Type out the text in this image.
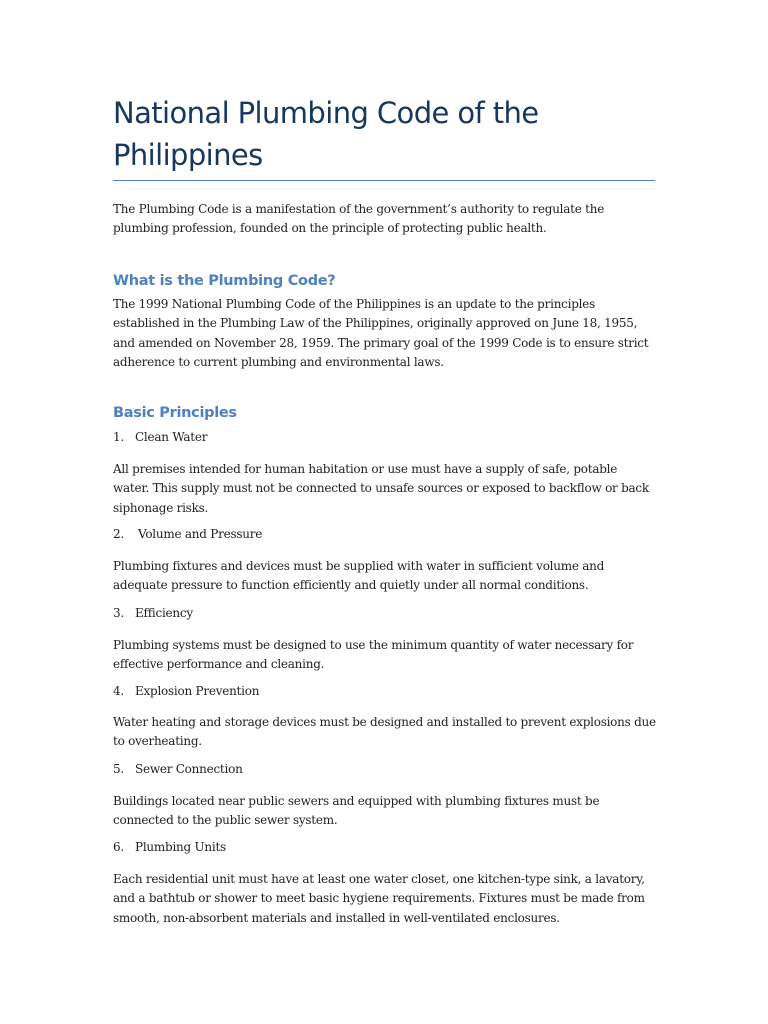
National Plumbing Code of the Philippines

The Plumbing Code is a manifestation of the government’s authority to regulate the plumbing profession, founded on the principle of protecting public health.

What is the Plumbing Code?

The 1999 National Plumbing Code of the Philippines is an update to the principles established in the Plumbing Law of the Philippines, originally approved on June 18, 1955, and amended on November 28, 1959. The primary goal of the 1999 Code is to ensure strict adherence to current plumbing and environmental laws.

Basic Principles
1. Clean Water

All premises intended for human habitation or use must have a supply of safe, potable water. This supply must not be connected to unsafe sources or exposed to backflow or back siphonage risks.

2. Volume and Pressure

Plumbing fixtures and devices must be supplied with water in sufficient volume and adequate pressure to function efficiently and quietly under all normal conditions.

3. Efficiency

Plumbing systems must be designed to use the minimum quantity of water necessary for effective performance and cleaning.

4. Explosion Prevention

Water heating and storage devices must be designed and installed to prevent explosions due to overheating.

5. Sewer Connection

Buildings located near public sewers and equipped with plumbing fixtures must be connected to the public sewer system.

6. Plumbing Units

Each residential unit must have at least one water closet, one kitchen-type sink, a lavatory, and a bathtub or shower to meet basic hygiene requirements. Fixtures must be made from smooth, non-absorbent materials and installed in well-ventilated enclosures.
